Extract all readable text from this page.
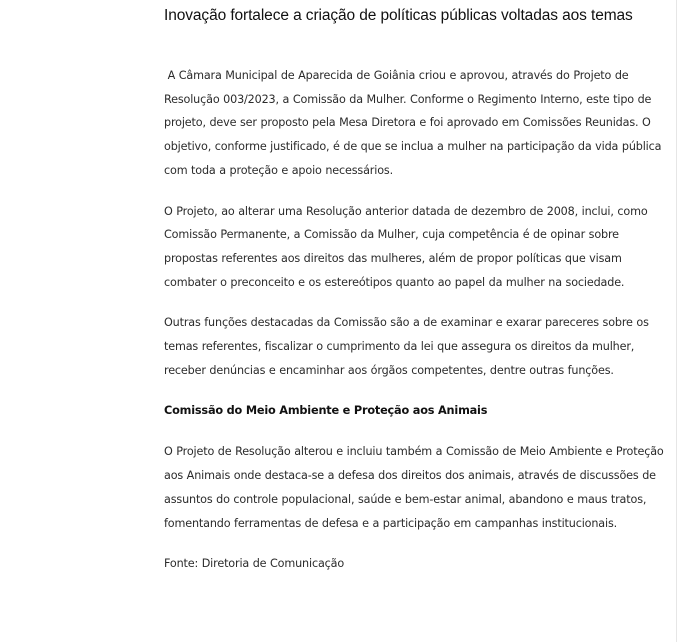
Inovação fortalece a criação de políticas públicas voltadas aos temas

A Câmara Municipal de Aparecida de Goiânia criou e aprovou, através do Projeto de Resolução 003/2023, a Comissão da Mulher. Conforme o Regimento Interno, este tipo de projeto, deve ser proposto pela Mesa Diretora e foi aprovado em Comissões Reunidas. O objetivo, conforme justificado, é de que se inclua a mulher na participação da vida pública com toda a proteção e apoio necessários.

O Projeto, ao alterar uma Resolução anterior datada de dezembro de 2008, inclui, como Comissão Permanente, a Comissão da Mulher, cuja competência é de opinar sobre propostas referentes aos direitos das mulheres, além de propor políticas que visam combater o preconceito e os estereótipos quanto ao papel da mulher na sociedade.

Outras funções destacadas da Comissão são a de examinar e exarar pareceres sobre os temas referentes, fiscalizar o cumprimento da lei que assegura os direitos da mulher, receber denúncias e encaminhar aos órgãos competentes, dentre outras funções.

Comissão do Meio Ambiente e Proteção aos Animais

O Projeto de Resolução alterou e incluiu também a Comissão de Meio Ambiente e Proteção aos Animais onde destaca-se a defesa dos direitos dos animais, através de discussões de assuntos do controle populacional, saúde e bem-estar animal, abandono e maus tratos, fomentando ferramentas de defesa e a participação em campanhas institucionais.

Fonte: Diretoria de Comunicação
